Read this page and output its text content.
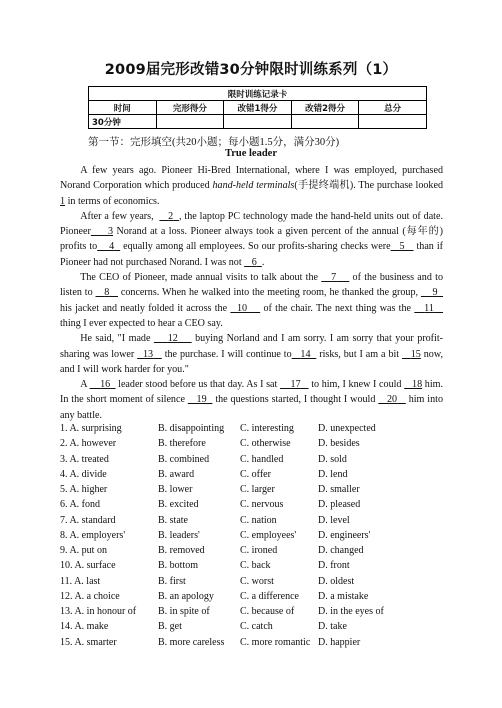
2009届完形改错30分钟限时训练系列（1）
限时训练记录卡				
时间	完形得分	改错1得分	改错2得分	总分
30分钟				
第一节：完形填空(共20小题；每小题1.5分，满分30分)
True leader

A few years ago. Pioneer Hi-Bred International, where I was employed, purchased Norand Corporation which produced hand-held terminals(手提终端机). The purchase looked 1 in terms of economics.

After a few years,     2 , the laptop PC technology made the hand-held units out of date. Pioneer 3 Norand at a loss. Pioneer always took a given percent of the annual (每年的) profits to 4   equally among all employees. So our profits-sharing checks were 5    than if Pioneer had not purchased Norand. I was not    6 .

The CEO of Pioneer, made annual visits to talk about the    7     of the business and to listen to    8    concerns. When he walked into the meeting room, he thanked the group,     9   his jacket and neatly folded it across the   10     of the chair. The next thing was the    11    thing I ever expected to hear a CEO say.

He said, "I made     12     buying Norland and I am sorry. I am sorry that your profit-sharing was lower   13    the purchase. I will continue to 14   risks, but I am a bit    15 now, and I will work harder for you."

A     16   leader stood before us that day. As I sat     17    to him, I knew I could    18 him. In the short moment of silence    19   the questions started, I thought I would    20    him into any battle.

1. A. surprising	B. disappointing C. interesting D. unexpected
2. A. however	B. therefore	C. otherwise	D. besides
3. A. treated	B. combined	C. handled	D. sold
4. A. divide	B. award	C. offer	D. lend
5. A. higher	B. lower	C. larger	D. smaller
6. A. fond	B. excited	C. nervous	D. pleased
7. A. standard	B. state	C. nation	D. level
8. A. employers'	B. leaders'	C. employees' D. engineers'
9. A. put on	B. removed	C. ironed	D. changed
10. A. surface	B. bottom	C. back	D. front
11. A. last	B. first	C. worst	D. oldest
12. A. a choice	B. an apology	C. a difference D. a mistake
13. A. in honour of B. in spite of	C. because of D. in the eyes of
14. A. make	B. get	C. catch	D. take
15. A. smarter	B. more careless C. more romantic D. happier
